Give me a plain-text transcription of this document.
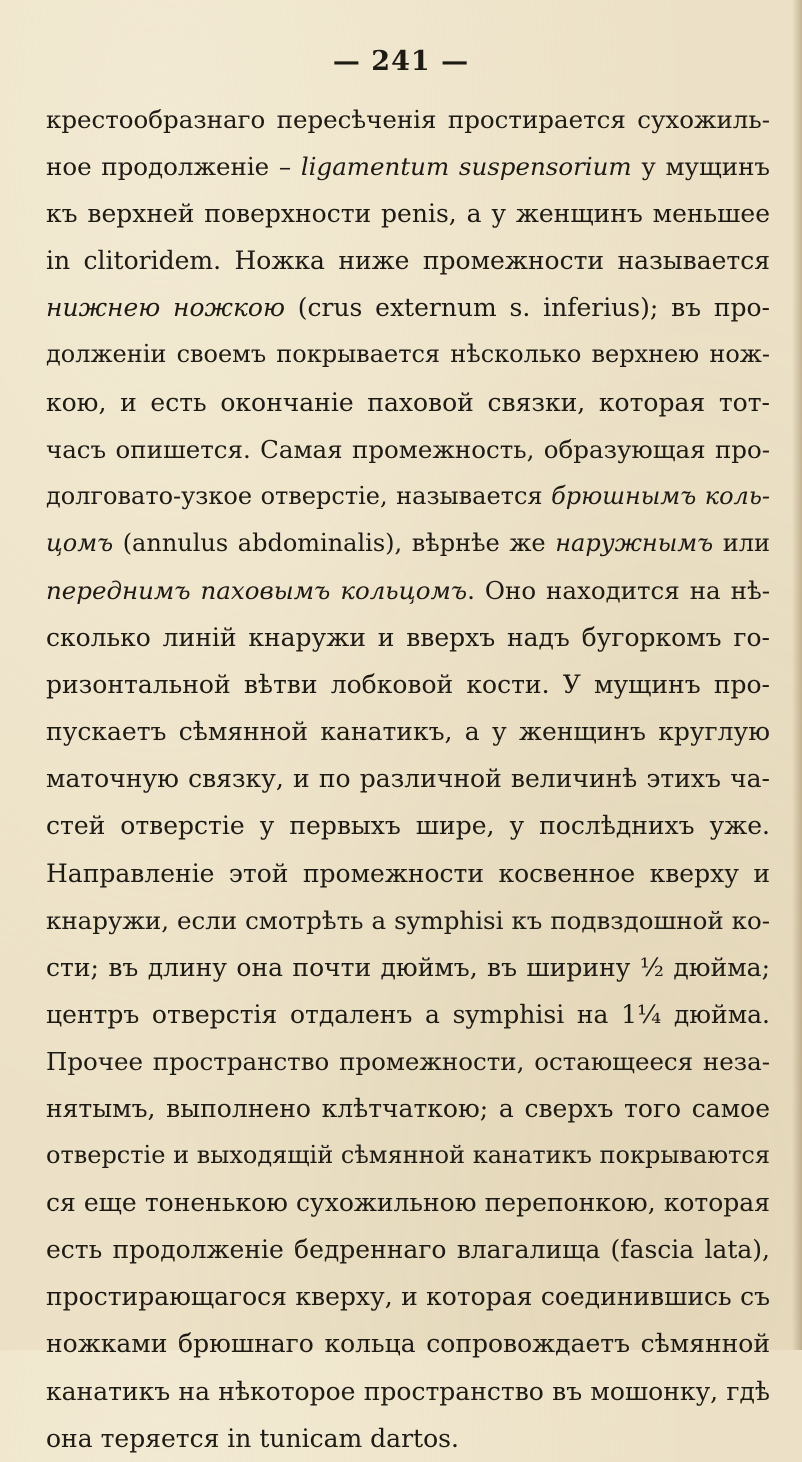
— 241 —
крестообразнаго пересѣченія простирается сухожиль-
ное продолженіе – ligamentum suspensorium у мущинъ
къ верхней поверхности penis, а у женщинъ меньшее
in clitoridem. Ножка ниже промежности называется
нижнею ножкою (crus externum s. inferius); въ про-
долженіи своемъ покрывается нѣсколько верхнею нож-
кою, и есть окончаніе паховой связки, которая тот-
часъ опишется. Самая промежность, образующая про-
долговато-узкое отверстіе, называется брюшнымъ коль-
цомъ (annulus abdominalis), вѣрнѣе же наружнымъ или
переднимъ паховымъ кольцомъ. Оно находится на нѣ-
сколько линій кнаружи и вверхъ надъ бугоркомъ го-
ризонтальной вѣтви лобковой кости. У мущинъ про-
пускаетъ сѣмянной канатикъ, а у женщинъ круглую
маточную связку, и по различной величинѣ этихъ ча-
стей отверстіе у первыхъ шире, у послѣднихъ уже.
Направленіе этой промежности косвенное кверху и
кнаружи, если смотрѣть a symphisi къ подвздошной ко-
сти; въ длину она почти дюймъ, въ ширину ½ дюйма;
центръ отверстія отдаленъ a symphisi на 1¼ дюйма.
Прочее пространство промежности, остающееся неза-
нятымъ, выполнено клѣтчаткою; а сверхъ того самое
отверстіе и выходящій сѣмянной канатикъ покрываются
ся еще тоненькою сухожильною перепонкою, которая
есть продолженіе бедреннаго влагалища (fascia lata),
простирающагося кверху, и которая соединившись съ
ножками брюшнаго кольца сопровождаетъ сѣмянной
канатикъ на нѣкоторое пространство въ мошонку, гдѣ
она теряется in tunicam dartos.
